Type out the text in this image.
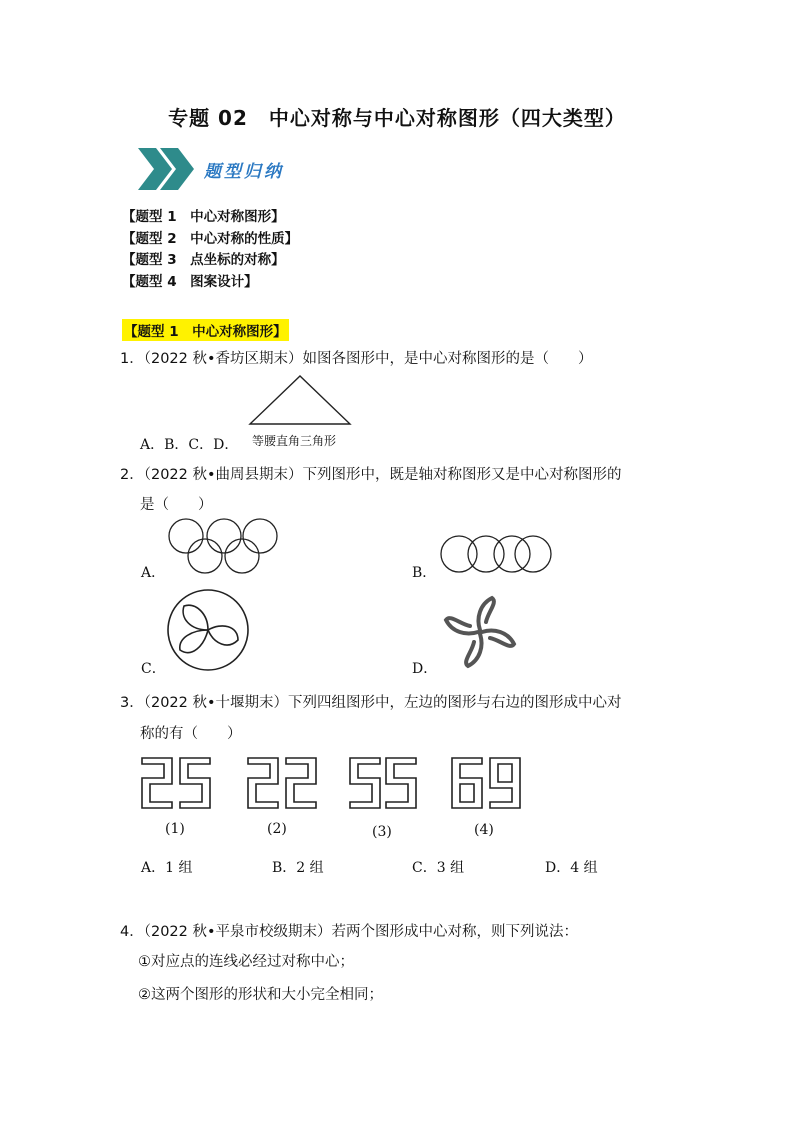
专题 02　中心对称与中心对称图形（四大类型）
题型归纳
【题型 1　中心对称图形】
【题型 2　中心对称的性质】
【题型 3　点坐标的对称】
【题型 4　图案设计】
【题型 1　中心对称图形】
1．（2022 秋•香坊区期末）如图各图形中，是中心对称图形的是（　　）
A．B．C．D． 等腰直角三角形
2．（2022 秋•曲周县期末）下列图形中，既是轴对称图形又是中心对称图形的
是（　　）
A．	B．
C．	D．
3．（2022 秋•十堰期末）下列四组图形中，左边的图形与右边的图形成中心对
称的有（　　）
(1)	(2)	(3)	(4)
A．1 组	B．2 组	C．3 组	D．4 组
4．（2022 秋•平泉市校级期末）若两个图形成中心对称，则下列说法：
①对应点的连线必经过对称中心；
②这两个图形的形状和大小完全相同；
